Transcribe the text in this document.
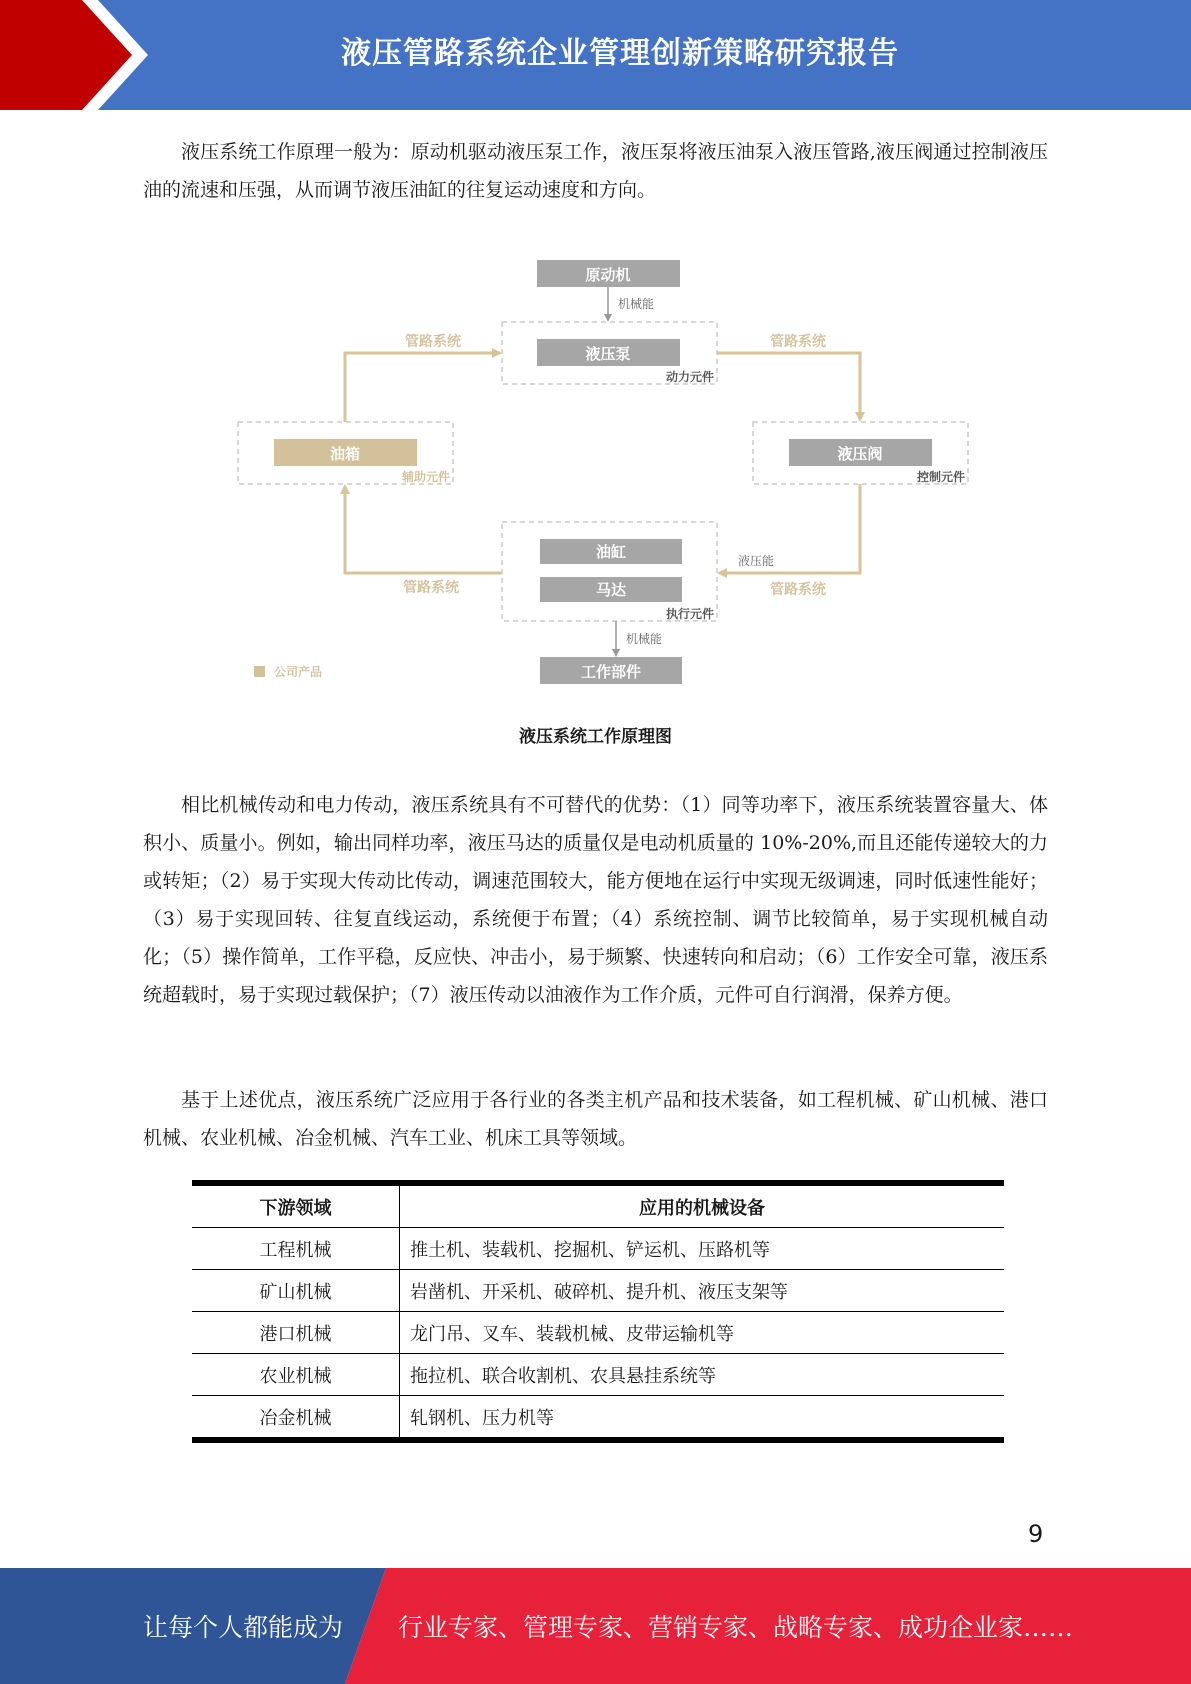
液压管路系统企业管理创新策略研究报告

液压系统工作原理一般为：原动机驱动液压泵工作，液压泵将液压油泵入液压管路,液压阀通过控制液压油的流速和压强，从而调节液压油缸的往复运动速度和方向。

原动机
机械能
液压泵
动力元件
油箱
辅助元件
液压阀
控制元件
油缸
马达
执行元件
机械能
工作部件
管路系统	管路系统
液压能
管路系统
管路系统
公司产品
液压系统工作原理图

相比机械传动和电力传动，液压系统具有不可替代的优势：（1）同等功率下，液压系统装置容量大、体积小、质量小。例如，输出同样功率，液压马达的质量仅是电动机质量的 10%-20%,而且还能传递较大的力或转矩；（2）易于实现大传动比传动，调速范围较大，能方便地在运行中实现无级调速，同时低速性能好；（3）易于实现回转、往复直线运动，系统便于布置；（4）系统控制、调节比较简单，易于实现机械自动化；（5）操作简单，工作平稳，反应快、冲击小，易于频繁、快速转向和启动；（6）工作安全可靠，液压系统超载时，易于实现过载保护；（7）液压传动以油液作为工作介质，元件可自行润滑，保养方便。

基于上述优点，液压系统广泛应用于各行业的各类主机产品和技术装备，如工程机械、矿山机械、港口机械、农业机械、冶金机械、汽车工业、机床工具等领域。

下游领域	应用的机械设备
工程机械	推土机、装载机、挖掘机、铲运机、压路机等
矿山机械	岩凿机、开采机、破碎机、提升机、液压支架等
港口机械	龙门吊、叉车、装载机械、皮带运输机等
农业机械	拖拉机、联合收割机、农具悬挂系统等
冶金机械	轧钢机、压力机等
9
让每个人都能成为 行业专家、管理专家、营销专家、战略专家、成功企业家……
